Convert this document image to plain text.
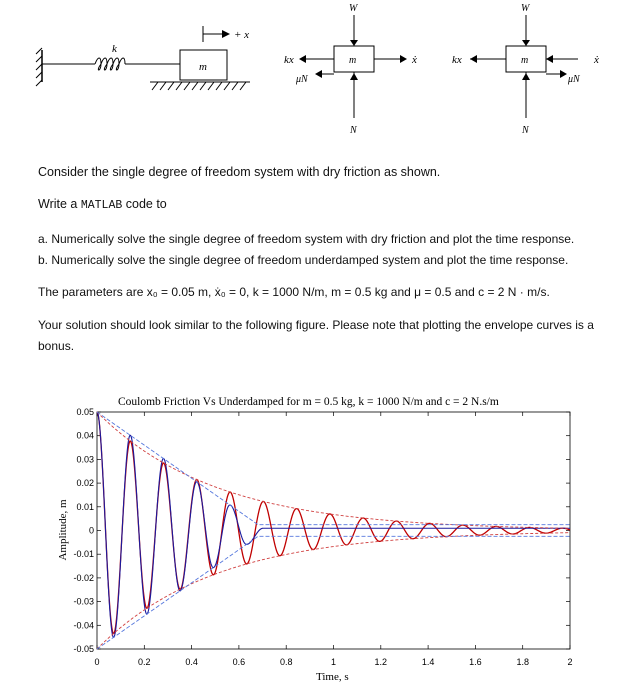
k
m
+ x
W
N
kx	m
μN
ẋ
W
N
kx	m
μN
ẋ
Consider the single degree of freedom system with dry friction as shown.
Write a MATLAB code to
a. Numerically solve the single degree of freedom system with dry friction and plot the time response.
b. Numerically solve the single degree of freedom underdamped system and plot the time response.
The parameters are x₀ = 0.05 m, ẋ₀ = 0, k = 1000 N/m, m = 0.5 kg and μ = 0.5 and c = 2 N · m/s.
Your solution should look similar to the following figure. Please note that plotting the envelope curves is a
bonus.
Coulomb Friction Vs Underdamped for m = 0.5 kg, k = 1000 N/m and c = 2 N.s/m
0	0.2	0.4	0.6	0.8	1	1.2	1.4	1.6	1.8	2
0.05
0.04
0.03
0.02
0.01
0
-0.01
-0.02
-0.03
-0.04
-0.05
Time, s
Amplitude, m
